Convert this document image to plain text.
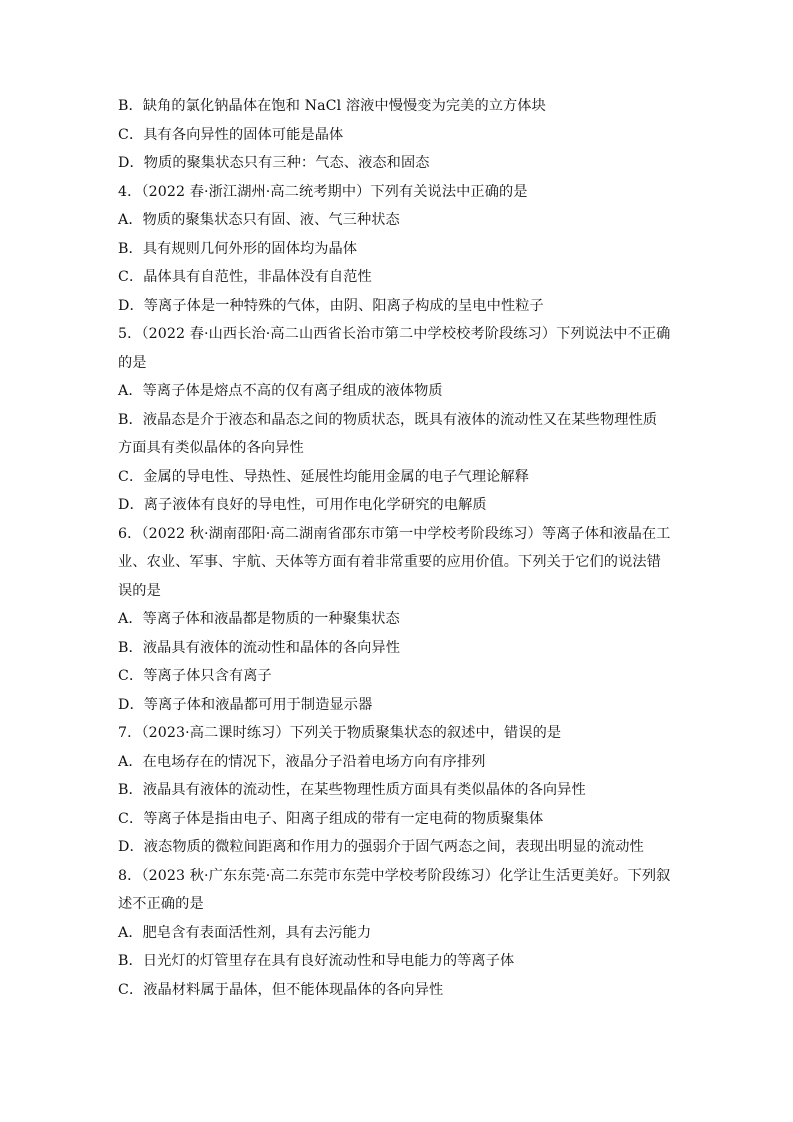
B．缺角的氯化钠晶体在饱和 NaCl 溶液中慢慢变为完美的立方体块
C．具有各向异性的固体可能是晶体
D．物质的聚集状态只有三种：气态、液态和固态
4．（2022 春·浙江湖州·高二统考期中）下列有关说法中正确的是
A．物质的聚集状态只有固、液、气三种状态
B．具有规则几何外形的固体均为晶体
C．晶体具有自范性，非晶体没有自范性
D．等离子体是一种特殊的气体，由阴、阳离子构成的呈电中性粒子
5．（2022 春·山西长治·高二山西省长治市第二中学校校考阶段练习）下列说法中不正确
的是
A．等离子体是熔点不高的仅有离子组成的液体物质
B．液晶态是介于液态和晶态之间的物质状态，既具有液体的流动性又在某些物理性质
方面具有类似晶体的各向异性
C．金属的导电性、导热性、延展性均能用金属的电子气理论解释
D．离子液体有良好的导电性，可用作电化学研究的电解质
6．（2022 秋·湖南邵阳·高二湖南省邵东市第一中学校考阶段练习）等离子体和液晶在工
业、农业、军事、宇航、天体等方面有着非常重要的应用价值。下列关于它们的说法错
误的是
A．等离子体和液晶都是物质的一种聚集状态
B．液晶具有液体的流动性和晶体的各向异性
C．等离子体只含有离子
D．等离子体和液晶都可用于制造显示器
7．（2023·高二课时练习）下列关于物质聚集状态的叙述中，错误的是
A．在电场存在的情况下，液晶分子沿着电场方向有序排列
B．液晶具有液体的流动性，在某些物理性质方面具有类似晶体的各向异性
C．等离子体是指由电子、阳离子组成的带有一定电荷的物质聚集体
D．液态物质的微粒间距离和作用力的强弱介于固气两态之间，表现出明显的流动性
8．（2023 秋·广东东莞·高二东莞市东莞中学校考阶段练习）化学让生活更美好。下列叙
述不正确的是
A．肥皂含有表面活性剂，具有去污能力
B．日光灯的灯管里存在具有良好流动性和导电能力的等离子体
C．液晶材料属于晶体，但不能体现晶体的各向异性
